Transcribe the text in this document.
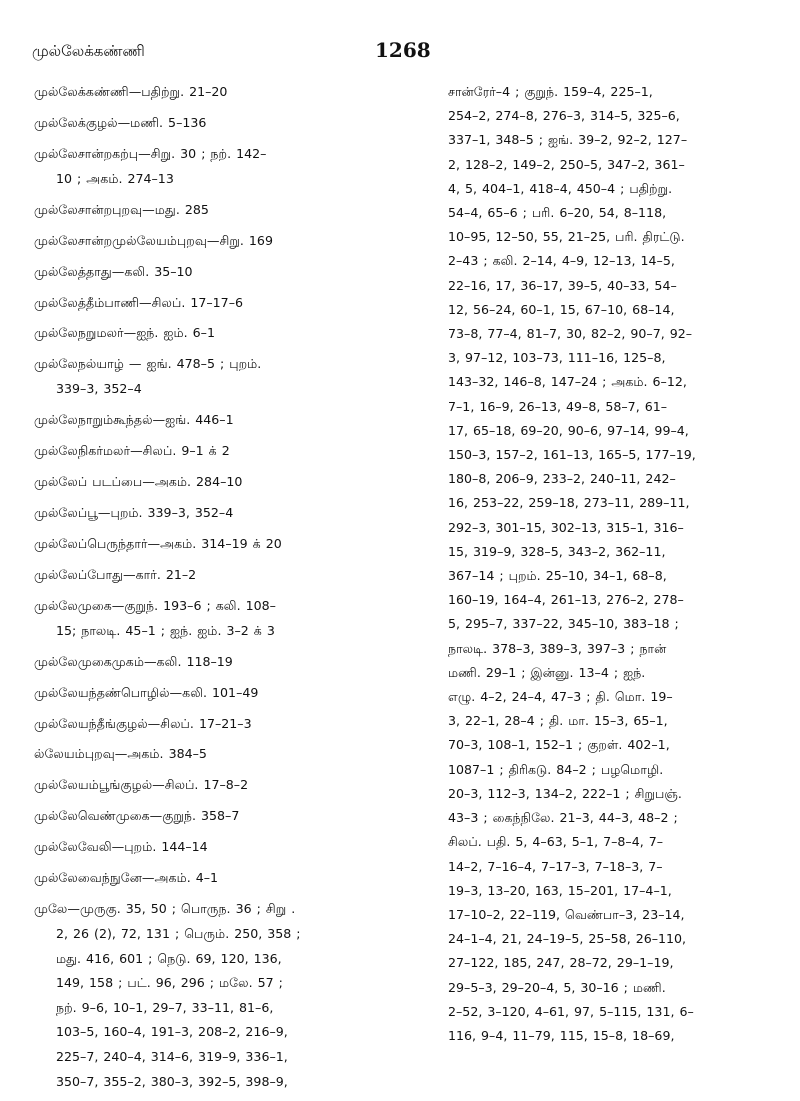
முல்லேக்கண்ணி	1268
முல்லேக்கண்ணி—பதிற்று. 21–20
முல்லேக்குழல்—மணி. 5–136
முல்லேசான்றகற்பு—சிறு. 30 ; நற். 142–
10 ; அகம். 274–13
முல்லேசான்றபுறவு—மது. 285
முல்லேசான்றமுல்லேயம்புறவு—சிறு. 169
முல்லேத்தாது—கலி. 35–10
முல்லேத்தீம்பாணி—சிலப். 17–17–6
முல்லேநறுமலர்—ஐந். ஐம். 6–1
முல்லேநல்யாழ் — ஐங். 478–5 ; புறம்.
339–3, 352–4
முல்லேநாறும்கூந்தல்—ஐங். 446–1
முல்லேநிகர்மலர்—சிலப். 9–1 க் 2
முல்லேப் படப்பை—அகம். 284–10
முல்லேப்பூ—புறம். 339–3, 352–4
முல்லேப்பெருந்தார்—அகம். 314–19 க் 20
முல்லேப்போது—கார். 21–2
முல்லேமுகை—குறுந். 193–6 ; கலி. 108–
15; நாலடி. 45–1 ; ஐந். ஐம். 3–2 க் 3
முல்லேமுகைமுகம்—கலி. 118–19
முல்லேயந்தண்பொழில்—கலி. 101–49
முல்லேயந்தீங்குழல்—சிலப். 17–21–3
ல்லேயம்புறவு—அகம். 384–5
முல்லேயம்பூங்குழல்—சிலப். 17–8–2
முல்லேவெண்முகை—குறுந். 358–7
முல்லேவேலி—புறம். 144–14
முல்லேவைந்நுனே—அகம். 4–1
முலே—முருகு. 35, 50 ; பொருந. 36 ; சிறு .
2, 26 (2), 72, 131 ; பெரும். 250, 358 ;
மது. 416, 601 ; நெடு. 69, 120, 136,
149, 158 ; பட். 96, 296 ; மலே. 57 ;
நற். 9–6, 10–1, 29–7, 33–11, 81–6,
103–5, 160–4, 191–3, 208–2, 216–9,
225–7, 240–4, 314–6, 319–9, 336–1,
350–7, 355–2, 380–3, 392–5, 398–9,
சான்ரேர்–4 ; குறுந். 159–4, 225–1,
254–2, 274–8, 276–3, 314–5, 325–6,
337–1, 348–5 ; ஐங். 39–2, 92–2, 127–
2, 128–2, 149–2, 250–5, 347–2, 361–
4, 5, 404–1, 418–4, 450–4 ; பதிற்று.
54–4, 65–6 ; பரி. 6–20, 54, 8–118,
10–95, 12–50, 55, 21–25, பரி. திரட்டு.
2–43 ; கலி. 2–14, 4–9, 12–13, 14–5,
22–16, 17, 36–17, 39–5, 40–33, 54–
12, 56–24, 60–1, 15, 67–10, 68–14,
73–8, 77–4, 81–7, 30, 82–2, 90–7, 92–
3, 97–12, 103–73, 111–16, 125–8,
143–32, 146–8, 147–24 ; அகம். 6–12,
7–1, 16–9, 26–13, 49–8, 58–7, 61–
17, 65–18, 69–20, 90–6, 97–14, 99–4,
150–3, 157–2, 161–13, 165–5, 177–19,
180–8, 206–9, 233–2, 240–11, 242–
16, 253–22, 259–18, 273–11, 289–11,
292–3, 301–15, 302–13, 315–1, 316–
15, 319–9, 328–5, 343–2, 362–11,
367–14 ; புறம். 25–10, 34–1, 68–8,
160–19, 164–4, 261–13, 276–2, 278–
5, 295–7, 337–22, 345–10, 383–18 ;
நாலடி. 378–3, 389–3, 397–3 ; நான்
மணி. 29–1 ; இன்னு. 13–4 ; ஐந்.
எழு. 4–2, 24–4, 47–3 ; தி. மொ. 19–
3, 22–1, 28–4 ; தி. மா. 15–3, 65–1,
70–3, 108–1, 152–1 ; குறள். 402–1,
1087–1 ; திரிகடு. 84–2 ; பழமொழி.
20–3, 112–3, 134–2, 222–1 ; சிறுபஞ்.
43–3 ; கைந்நிலே. 21–3, 44–3, 48–2 ;
சிலப். பதி. 5, 4–63, 5–1, 7–8–4, 7–
14–2, 7–16–4, 7–17–3, 7–18–3, 7–
19–3, 13–20, 163, 15–201, 17–4–1,
17–10–2, 22–119, வெண்பா–3, 23–14,
24–1–4, 21, 24–19–5, 25–58, 26–110,
27–122, 185, 247, 28–72, 29–1–19,
29–5–3, 29–20–4, 5, 30–16 ; மணி.
2–52, 3–120, 4–61, 97, 5–115, 131, 6–
116, 9–4, 11–79, 115, 15–8, 18–69,
